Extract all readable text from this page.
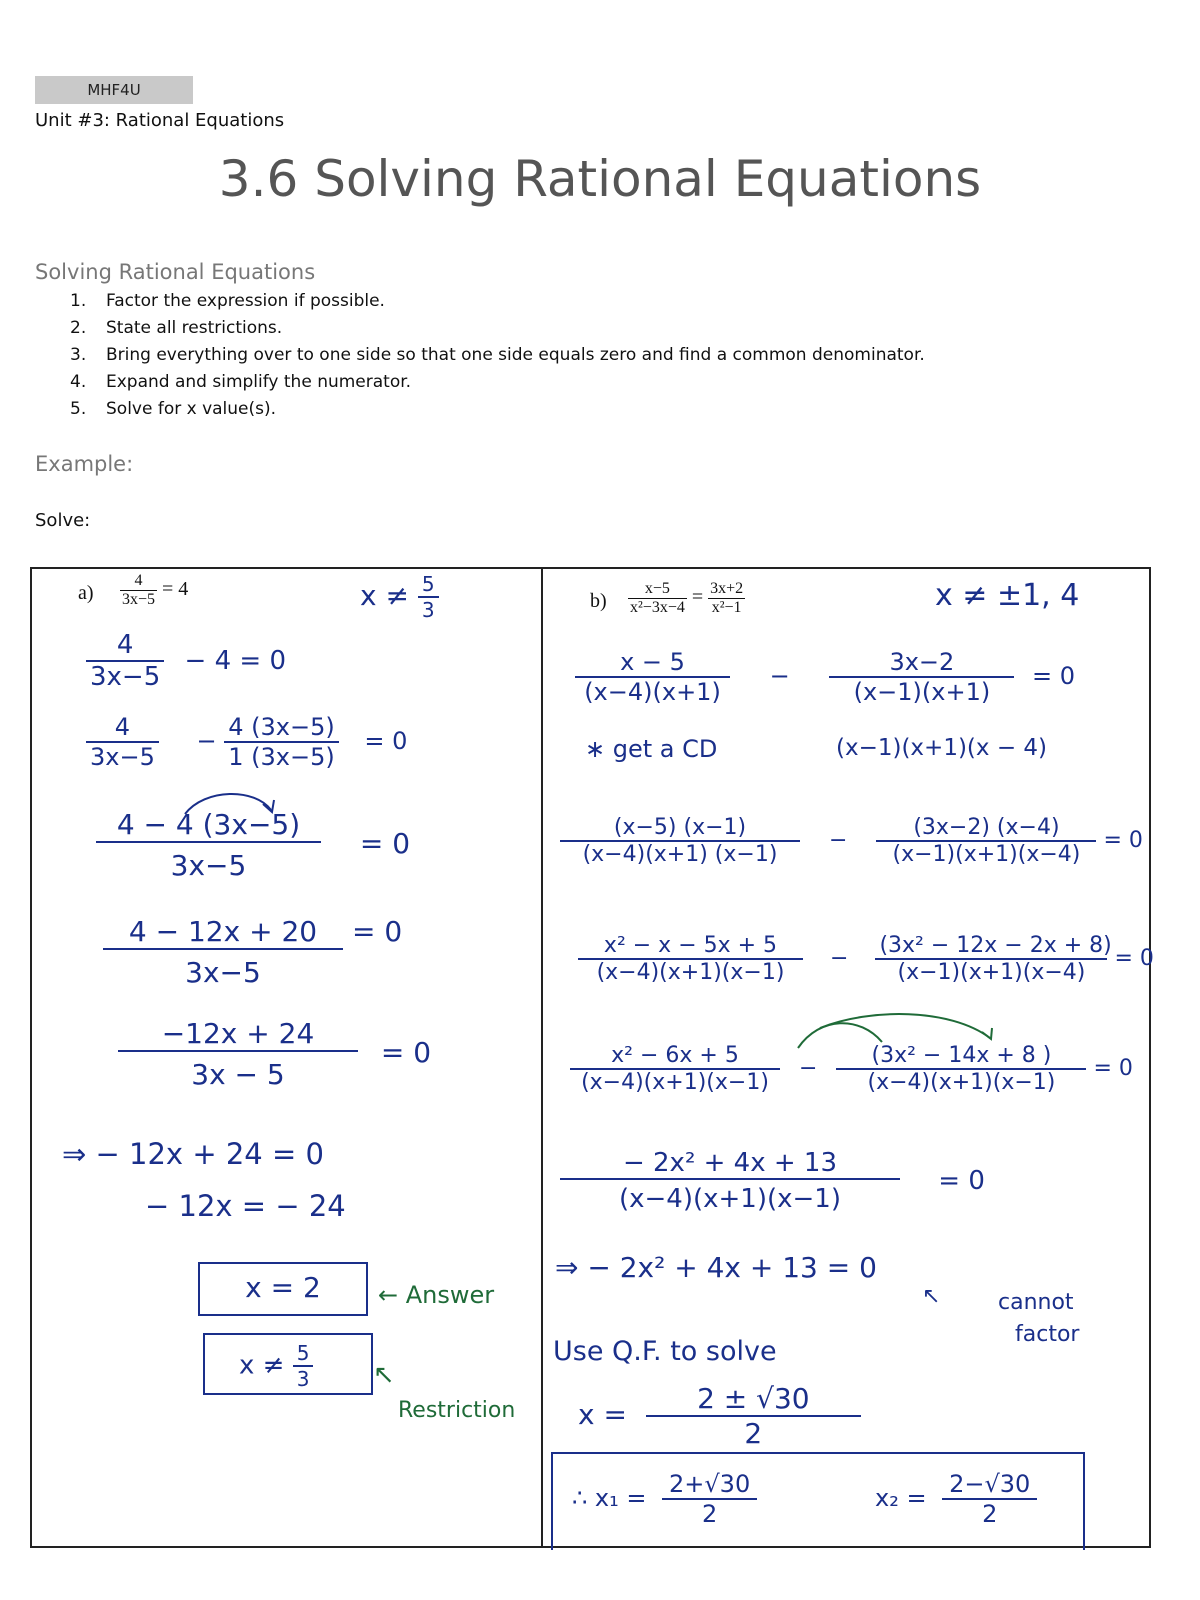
MHF4U
Unit #3: Rational Equations
3.6 Solving Rational Equations
Solving Rational Equations
1. Factor the expression if possible.
2. State all restrictions.
3. Bring everything over to one side so that one side equals zero and find a common denominator.
4. Expand and simplify the numerator.
5. Solve for x value(s).
Example:
Solve:
$a) \frac{4}{3x-5} = 4$	$x \ne \frac{5}{3}$
$\frac{4}{3x-5} - 4 = 0$
$\frac{4}{3x-5} - \frac{4 (3x-5)}{1 (3x-5)} = 0$
$\frac{4 - 4 (3x-5)}{3x-5} = 0$
$\frac{4 - 12x + 20}{3x-5} = 0$
$\frac{-12x + 24}{3x - 5} = 0$
⇒ − 12x + 24 = 0
− 12x = − 24
x = 2	← Answer
$x \ne \frac{5}{3}$ ↖
Restriction
$b) \frac{x-5}{\text{x²−3x−4}} = \frac{3x+2}{\text{x²−1}}$	x ≠ ±1, 4
$\frac{x - 5}{(x-4)(x+1)} - \frac{3x-2}{(x-1)(x+1)} = 0$
∗ get a CD	(x−1)(x+1)(x − 4)
$\frac{(x-5) (x-1)}{(x-4)(x+1) (x-1)} - \frac{(3x-2) (x-4)}{(x-1)(x+1)(x-4)} = 0$
$\frac{\text{x² − x − 5x + 5}}{(x-4)(x+1)(x-1)} - \frac{\text{(3x² − 12x − 2x + 8)}}{(x-1)(x+1)(x-4)} = 0$
$\frac{\text{x² − 6x + 5}}{(x-4)(x+1)(x-1)} - \frac{\text{(3x² − 14x + 8 )}}{(x-4)(x+1)(x-1)} = 0$
$\frac{\text{− 2x² + 4x + 13}}{(x-4)(x+1)(x-1)} = 0$
⇒ − 2x² + 4x + 13 = 0
↖	cannot
factor
Use Q.F. to solve
$x = \frac{2 \pm √30}{2}$
∴ $x_1 = \frac{2+√30}{2}$	$x_2 = \frac{2-√30}{2}$
